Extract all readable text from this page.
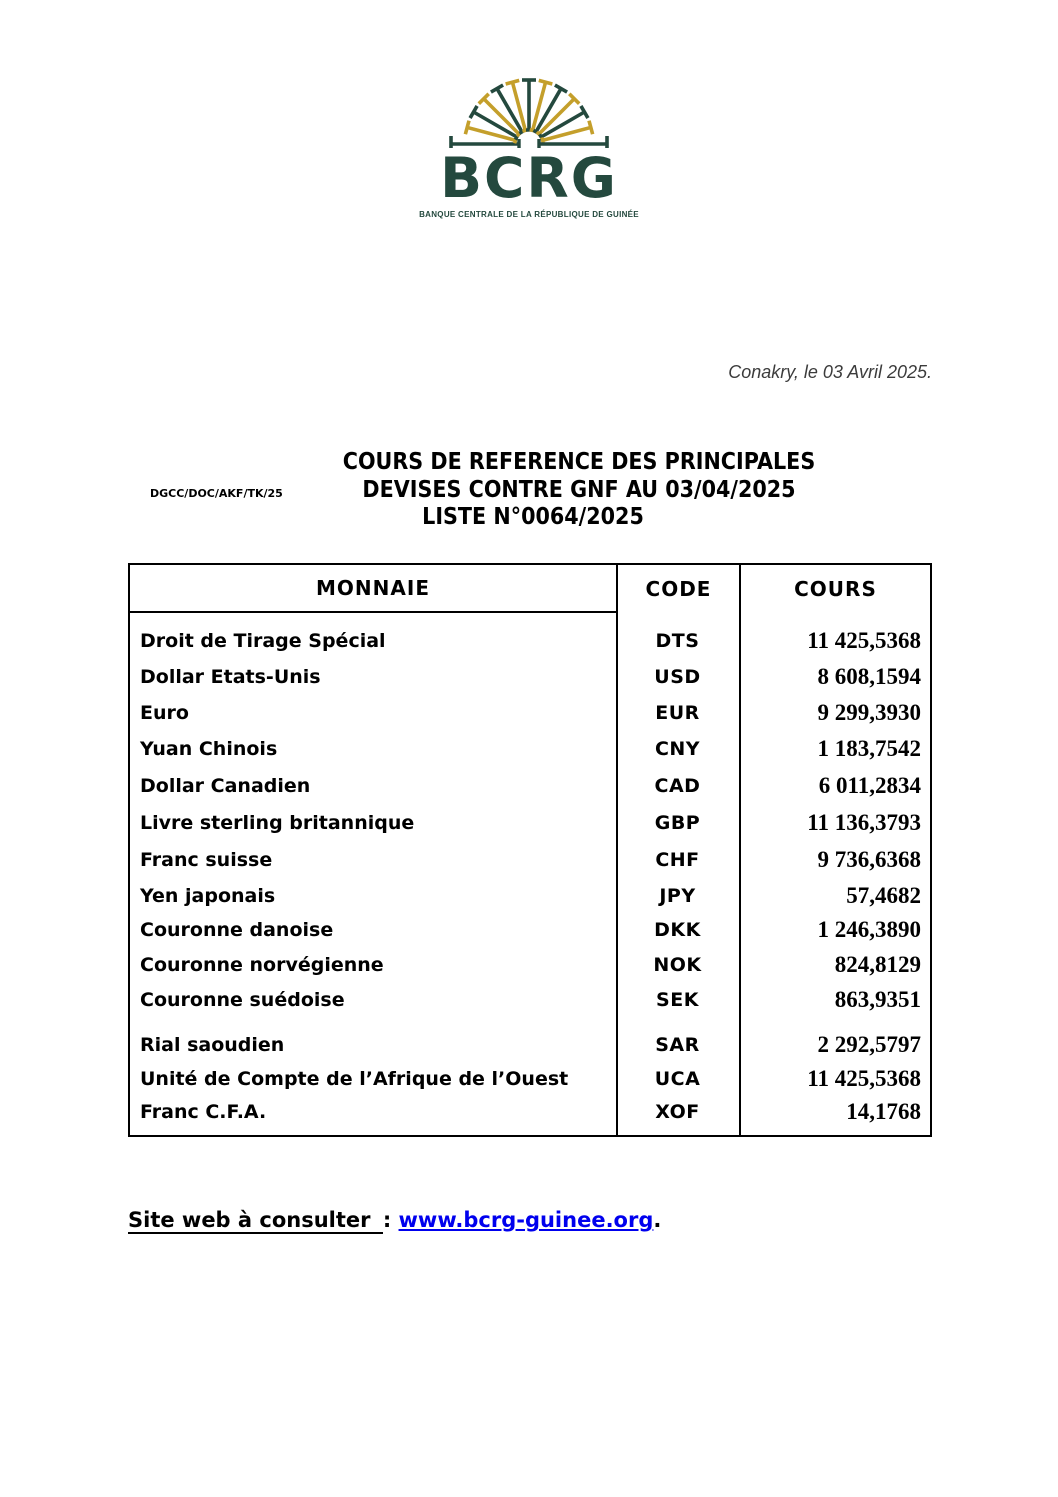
BCRG
BANQUE CENTRALE DE LA RÉPUBLIQUE DE GUINÉE
Conakry, le 03 Avril 2025.
DGCC/DOC/AKF/TK/25
COURS DE REFERENCE DES PRINCIPALES
DEVISES CONTRE GNF AU 03/04/2025
LISTE N°0064/2025
MONNAIE	CODE	COURS
Droit de Tirage Spécial	DTS	11 425,5368
Dollar Etats-Unis	USD	8 608,1594
Euro	EUR	9 299,3930
Yuan Chinois	CNY	1 183,7542
Dollar Canadien	CAD	6 011,2834
Livre sterling britannique	GBP	11 136,3793
Franc suisse	CHF	9 736,6368
Yen japonais	JPY	57,4682
Couronne danoise	DKK	1 246,3890
Couronne norvégienne	NOK	824,8129
Couronne suédoise	SEK	863,9351
Rial saoudien	SAR	2 292,5797
Unité de Compte de l’Afrique de l’Ouest	UCA	11 425,5368
Franc C.F.A.	XOF	14,1768
Site web à consulter : www.bcrg-guinee.org.
